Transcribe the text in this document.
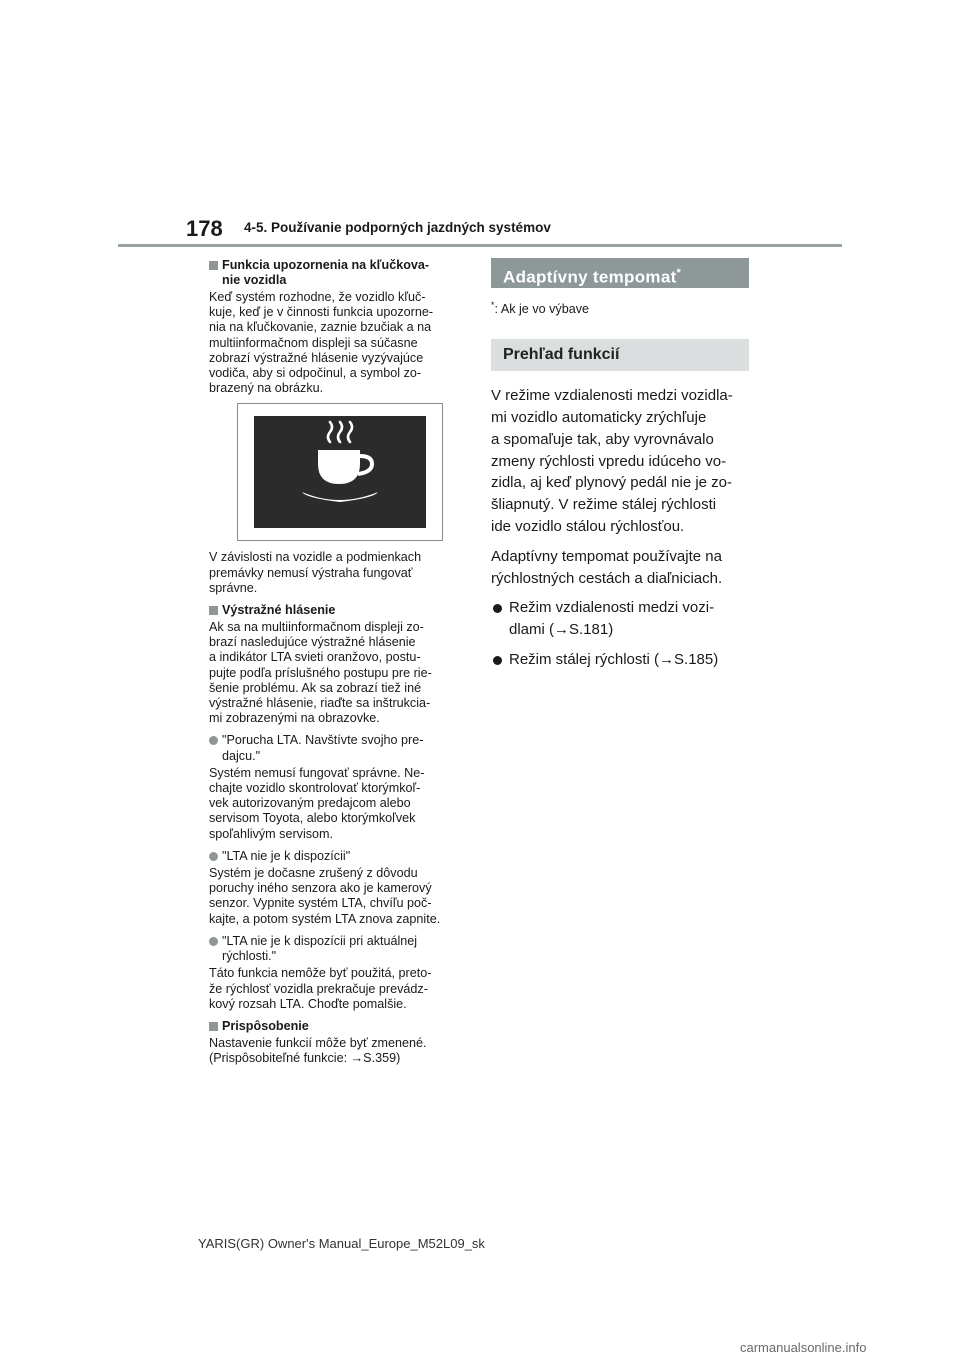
178 4-5. Používanie podporných jazdných systémov
Funkcia upozornenia na kľučkova-
nie vozidla
Keď systém rozhodne, že vozidlo kľuč-
kuje, keď je v činnosti funkcia upozorne-
nia na kľučkovanie, zaznie bzučiak a na
multiinformačnom displeji sa súčasne
zobrazí výstražné hlásenie vyzývajúce
vodiča, aby si odpočinul, a symbol zo-
brazený na obrázku.
V závislosti na vozidle a podmienkach
premávky nemusí výstraha fungovať
správne.
Výstražné hlásenie
Ak sa na multiinformačnom displeji zo-
brazí nasledujúce výstražné hlásenie
a indikátor LTA svieti oranžovo, postu-
pujte podľa príslušného postupu pre rie-
šenie problému. Ak sa zobrazí tiež iné
výstražné hlásenie, riaďte sa inštrukcia-
mi zobrazenými na obrazovke.
"Porucha LTA. Navštívte svojho pre-
dajcu."
Systém nemusí fungovať správne. Ne-
chajte vozidlo skontrolovať ktorýmkoľ-
vek autorizovaným predajcom alebo
servisom Toyota, alebo ktorýmkoľvek
spoľahlivým servisom.
"LTA nie je k dispozícii"
Systém je dočasne zrušený z dôvodu
poruchy iného senzora ako je kamerový
senzor. Vypnite systém LTA, chvíľu poč-
kajte, a potom systém LTA znova zapnite.
"LTA nie je k dispozícii pri aktuálnej
rýchlosti."
Táto funkcia nemôže byť použitá, preto-
že rýchlosť vozidla prekračuje prevádz-
kový rozsah LTA. Choďte pomalšie.
Prispôsobenie
Nastavenie funkcií môže byť zmenené.
(Prispôsobiteľné funkcie: →S.359)
Adaptívny tempomat*
*: Ak je vo výbave
Prehľad funkcií
V režime vzdialenosti medzi vozidla-
mi vozidlo automaticky zrýchľuje
a spomaľuje tak, aby vyrovnávalo
zmeny rýchlosti vpredu idúceho vo-
zidla, aj keď plynový pedál nie je zo-
šliapnutý. V režime stálej rýchlosti
ide vozidlo stálou rýchlosťou.
Adaptívny tempomat používajte na
rýchlostných cestách a diaľniciach.
Režim vzdialenosti medzi vozi-
dlami (→S.181)
Režim stálej rýchlosti (→S.185)
YARIS(GR) Owner's Manual_Europe_M52L09_sk
carmanualsonline.info
